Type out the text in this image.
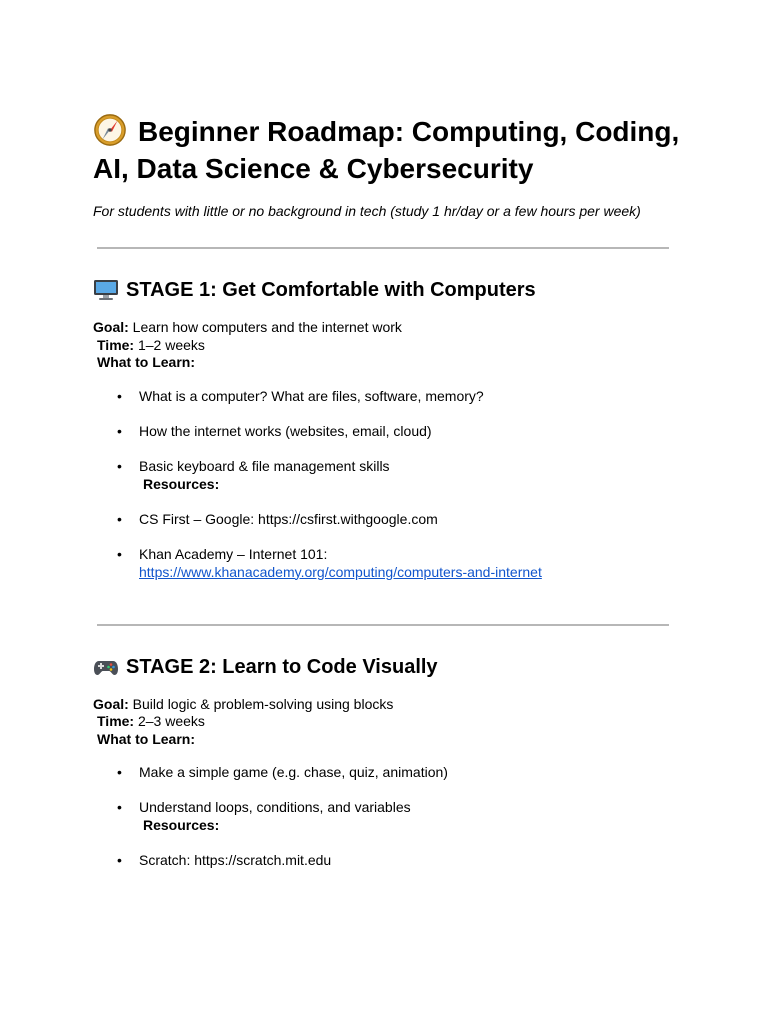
Beginner Roadmap: Computing, Coding, AI, Data Science & Cybersecurity

For students with little or no background in tech (study 1 hr/day or a few hours per week)

STAGE 1: Get Comfortable with Computers
Goal: Learn how computers and the internet work
Time: 1–2 weeks
What to Learn:
• What is a computer? What are files, software, memory?
• How the internet works (websites, email, cloud)
• Basic keyboard & file management skills
Resources:
• CS First – Google: https://csfirst.withgoogle.com
• Khan Academy – Internet 101:
https://www.khanacademy.org/computing/computers-and-internet
STAGE 2: Learn to Code Visually
Goal: Build logic & problem-solving using blocks
Time: 2–3 weeks
What to Learn:
• Make a simple game (e.g. chase, quiz, animation)
• Understand loops, conditions, and variables
Resources:
• Scratch: https://scratch.mit.edu
